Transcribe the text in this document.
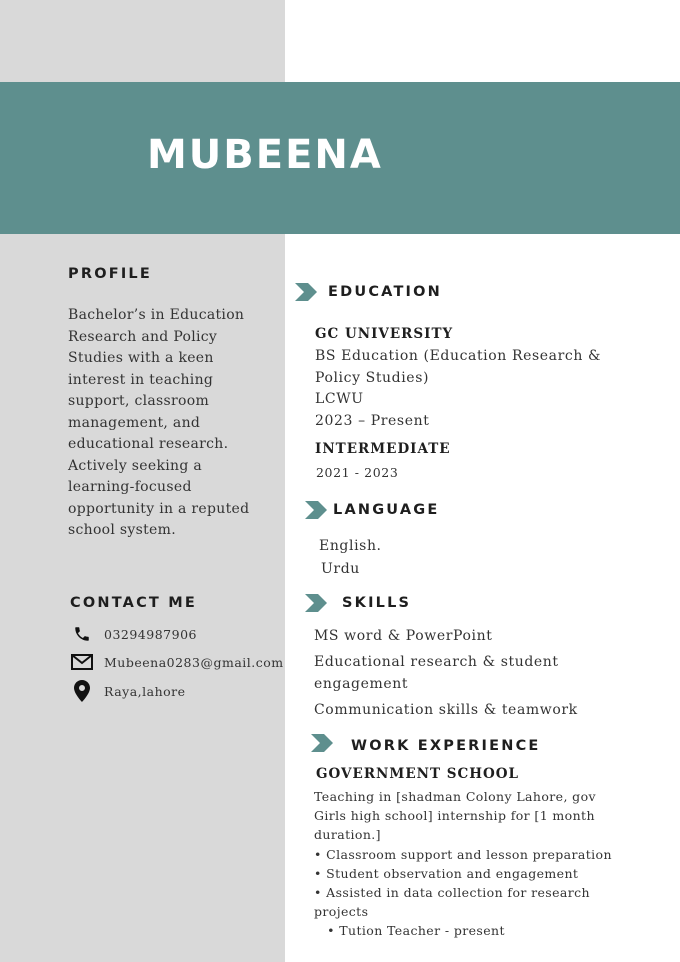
MUBEENA
PROFILE
Bachelor’s in Education Research and Policy Studies with a keen interest in teaching support, classroom management, and educational research. Actively seeking a learning-focused opportunity in a reputed school system.
CONTACT ME
03294987906
Mubeena0283@gmail.com
Raya,lahore
EDUCATION
GC UNIVERSITY
BS Education (Education Research &
Policy Studies)
LCWU
2023 – Present
INTERMEDIATE
2021 - 2023
LANGUAGE
English.
Urdu
SKILLS
MS word & PowerPoint
Educational research & student
engagement
Communication skills & teamwork
WORK EXPERIENCE
GOVERNMENT SCHOOL
Teaching in [shadman Colony Lahore, gov
Girls high school] internship for [1 month
duration.]
• Classroom support and lesson preparation
• Student observation and engagement
• Assisted in data collection for research
projects
• Tution Teacher - present
